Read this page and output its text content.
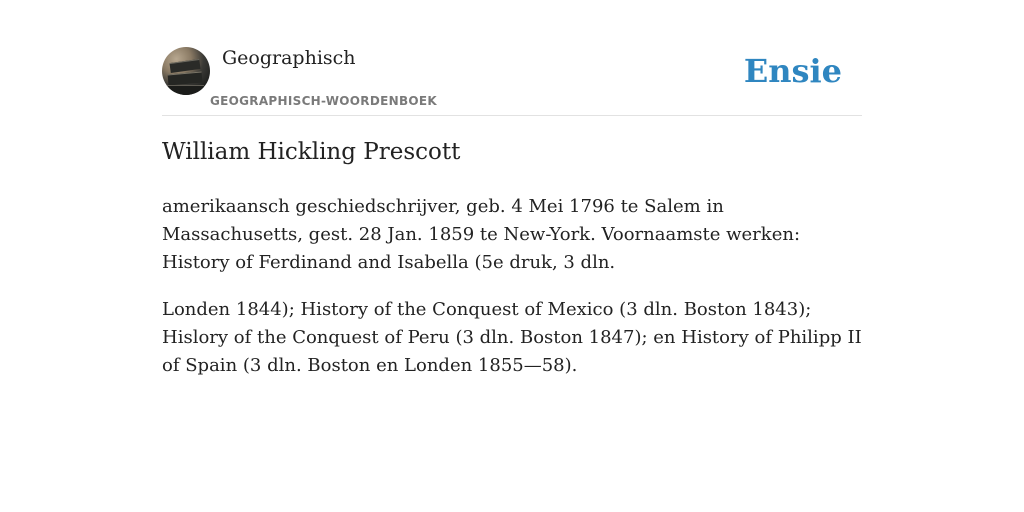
Geographisch
GEOGRAPHISCH-WOORDENBOEK
Ensie
William Hickling Prescott

amerikaansch geschiedschrijver, geb. 4 Mei 1796 te Salem in Massachusetts, gest. 28 Jan. 1859 te New-York. Voornaamste werken: History of Ferdinand and Isabella (5e druk, 3 dln.

Londen 1844); History of the Conquest of Mexico (3 dln. Boston 1843); Hislory of the Conquest of Peru (3 dln. Boston 1847); en History of Philipp II of Spain (3 dln. Boston en Londen 1855—58).
